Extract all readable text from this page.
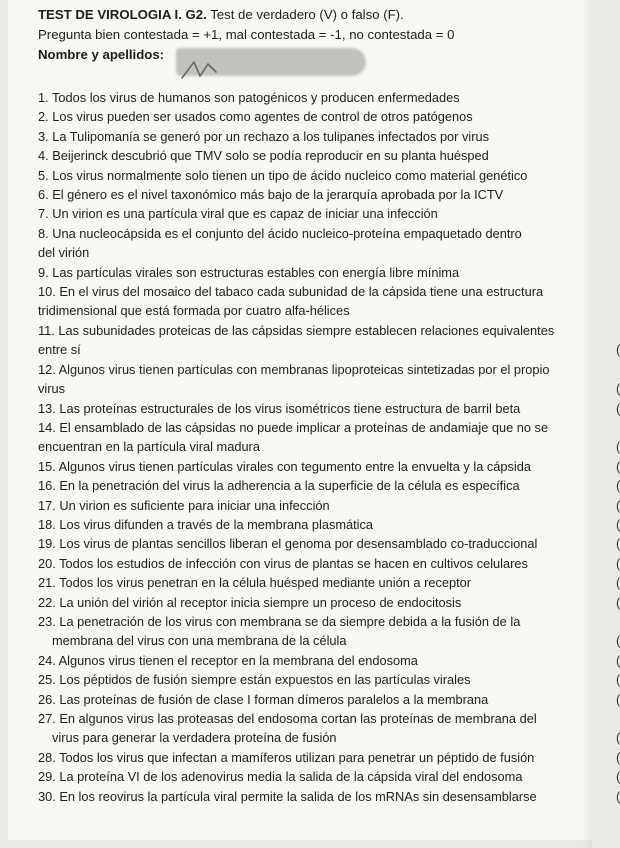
TEST DE VIROLOGIA I. G2. Test de verdadero (V) o falso (F).
Pregunta bien contestada = +1, mal contestada = -1, no contestada = 0
Nombre y apellidos:
1. Todos los virus de humanos son patogénicos y producen enfermedades
2. Los virus pueden ser usados como agentes de control de otros patógenos
3. La Tulipomanía se generó por un rechazo a los tulipanes infectados por virus
4. Beijerinck descubrió que TMV solo se podía reproducir en su planta huésped
5. Los virus normalmente solo tienen un tipo de ácido nucleico como material genético
6. El género es el nivel taxonómico más bajo de la jerarquía aprobada por la ICTV
7. Un virion es una partícula viral que es capaz de iniciar una infección
8. Una nucleocápsida es el conjunto del ácido nucleico-proteína empaquetado dentro
del virión
9. Las partículas virales son estructuras estables con energía libre mínima
10. En el virus del mosaico del tabaco cada subunidad de la cápsida tiene una estructura
tridimensional que está formada por cuatro alfa-hélices
11. Las subunidades proteicas de las cápsidas siempre establecen relaciones equivalentes
entre sí	(
12. Algunos virus tienen partículas con membranas lipoproteicas sintetizadas por el propio
virus	(
13. Las proteínas estructurales de los virus isométricos tiene estructura de barril beta	(
14. El ensamblado de las cápsidas no puede implicar a proteínas de andamiaje que no se
encuentran en la partícula viral madura	(
15. Algunos virus tienen partículas virales con tegumento entre la envuelta y la cápsida	(
16. En la penetración del virus la adherencia a la superficie de la célula es específica	(
17. Un virion es suficiente para iniciar una infección	(
18. Los virus difunden a través de la membrana plasmática	(
19. Los virus de plantas sencillos liberan el genoma por desensamblado co-traduccional	(
20. Todos los estudios de infección con virus de plantas se hacen en cultivos celulares	(
21. Todos los virus penetran en la célula huésped mediante unión a receptor	(
22. La unión del virión al receptor inicia siempre un proceso de endocitosis	(
23. La penetración de los virus con membrana se da siempre debida a la fusión de la
membrana del virus con una membrana de la célula	(
24. Algunos virus tienen el receptor en la membrana del endosoma	(
25. Los péptidos de fusión siempre están expuestos en las partículas virales	(
26. Las proteínas de fusión de clase I forman dímeros paralelos a la membrana	(
27. En algunos virus las proteasas del endosoma cortan las proteínas de membrana del
virus para generar la verdadera proteína de fusión	(
28. Todos los virus que infectan a mamíferos utilizan para penetrar un péptido de fusión	(
29. La proteína VI de los adenovirus media la salida de la cápsida viral del endosoma	(
30. En los reovirus la partícula viral permite la salida de los mRNAs sin desensamblarse	(
